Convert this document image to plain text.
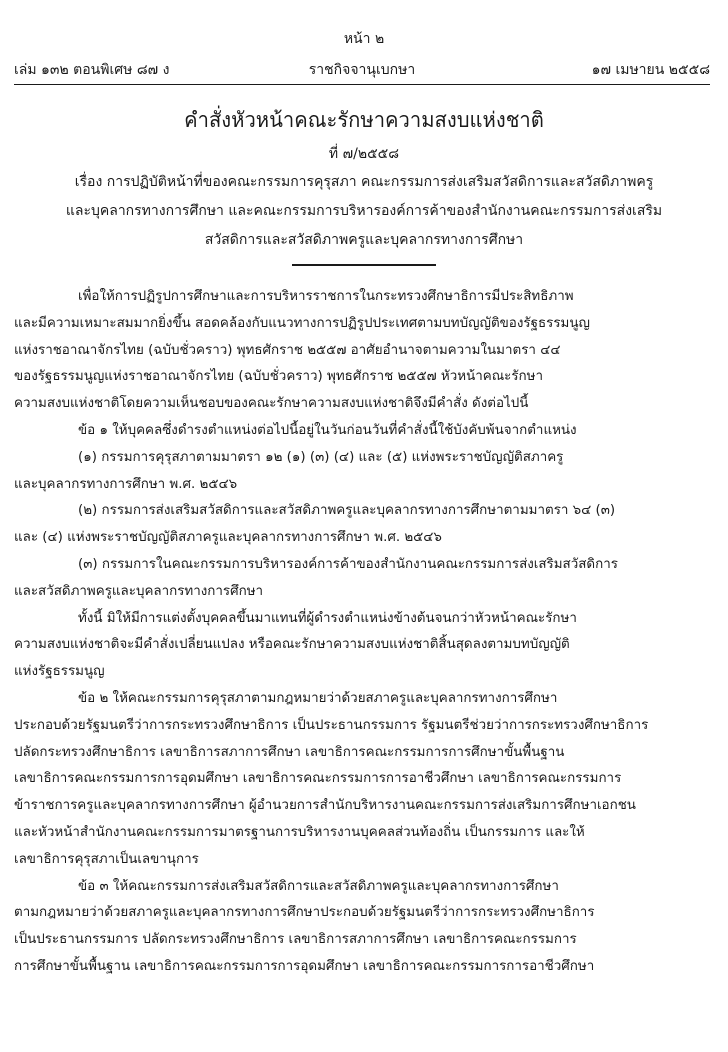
หน้า ๒
เล่ม ๑๓๒ ตอนพิเศษ ๘๗ ง	ราชกิจจานุเบกษา	๑๗ เมษายน ๒๕๕๘
คำสั่งหัวหน้าคณะรักษาความสงบแห่งชาติ
ที่ ๗/๒๕๕๘
เรื่อง การปฏิบัติหน้าที่ของคณะกรรมการคุรุสภา คณะกรรมการส่งเสริมสวัสดิการและสวัสดิภาพครู
และบุคลากรทางการศึกษา และคณะกรรมการบริหารองค์การค้าของสำนักงานคณะกรรมการส่งเสริม
สวัสดิการและสวัสดิภาพครูและบุคลากรทางการศึกษา
เพื่อให้การปฏิรูปการศึกษาและการบริหารราชการในกระทรวงศึกษาธิการมีประสิทธิภาพ
และมีความเหมาะสมมากยิ่งขึ้น สอดคล้องกับแนวทางการปฏิรูปประเทศตามบทบัญญัติของรัฐธรรมนูญ
แห่งราชอาณาจักรไทย (ฉบับชั่วคราว) พุทธศักราช ๒๕๕๗ อาศัยอำนาจตามความในมาตรา ๔๔
ของรัฐธรรมนูญแห่งราชอาณาจักรไทย (ฉบับชั่วคราว) พุทธศักราช ๒๕๕๗ หัวหน้าคณะรักษา
ความสงบแห่งชาติโดยความเห็นชอบของคณะรักษาความสงบแห่งชาติจึงมีคำสั่ง ดังต่อไปนี้
ข้อ ๑ ให้บุคคลซึ่งดำรงตำแหน่งต่อไปนี้อยู่ในวันก่อนวันที่คำสั่งนี้ใช้บังคับพ้นจากตำแหน่ง
(๑) กรรมการคุรุสภาตามมาตรา ๑๒ (๑) (๓) (๔) และ (๕) แห่งพระราชบัญญัติสภาครู
และบุคลากรทางการศึกษา พ.ศ. ๒๕๔๖
(๒) กรรมการส่งเสริมสวัสดิการและสวัสดิภาพครูและบุคลากรทางการศึกษาตามมาตรา ๖๔ (๓)
และ (๔) แห่งพระราชบัญญัติสภาครูและบุคลากรทางการศึกษา พ.ศ. ๒๕๔๖
(๓) กรรมการในคณะกรรมการบริหารองค์การค้าของสำนักงานคณะกรรมการส่งเสริมสวัสดิการ
และสวัสดิภาพครูและบุคลากรทางการศึกษา
ทั้งนี้ มิให้มีการแต่งตั้งบุคคลขึ้นมาแทนที่ผู้ดำรงตำแหน่งข้างต้นจนกว่าหัวหน้าคณะรักษา
ความสงบแห่งชาติจะมีคำสั่งเปลี่ยนแปลง หรือคณะรักษาความสงบแห่งชาติสิ้นสุดลงตามบทบัญญัติ
แห่งรัฐธรรมนูญ
ข้อ ๒ ให้คณะกรรมการคุรุสภาตามกฎหมายว่าด้วยสภาครูและบุคลากรทางการศึกษา
ประกอบด้วยรัฐมนตรีว่าการกระทรวงศึกษาธิการ เป็นประธานกรรมการ รัฐมนตรีช่วยว่าการกระทรวงศึกษาธิการ
ปลัดกระทรวงศึกษาธิการ เลขาธิการสภาการศึกษา เลขาธิการคณะกรรมการการศึกษาขั้นพื้นฐาน
เลขาธิการคณะกรรมการการอุดมศึกษา เลขาธิการคณะกรรมการการอาชีวศึกษา เลขาธิการคณะกรรมการ
ข้าราชการครูและบุคลากรทางการศึกษา ผู้อำนวยการสำนักบริหารงานคณะกรรมการส่งเสริมการศึกษาเอกชน
และหัวหน้าสำนักงานคณะกรรมการมาตรฐานการบริหารงานบุคคลส่วนท้องถิ่น เป็นกรรมการ และให้
เลขาธิการคุรุสภาเป็นเลขานุการ
ข้อ ๓ ให้คณะกรรมการส่งเสริมสวัสดิการและสวัสดิภาพครูและบุคลากรทางการศึกษา
ตามกฎหมายว่าด้วยสภาครูและบุคลากรทางการศึกษาประกอบด้วยรัฐมนตรีว่าการกระทรวงศึกษาธิการ
เป็นประธานกรรมการ ปลัดกระทรวงศึกษาธิการ เลขาธิการสภาการศึกษา เลขาธิการคณะกรรมการ
การศึกษาขั้นพื้นฐาน เลขาธิการคณะกรรมการการอุดมศึกษา เลขาธิการคณะกรรมการการอาชีวศึกษา
